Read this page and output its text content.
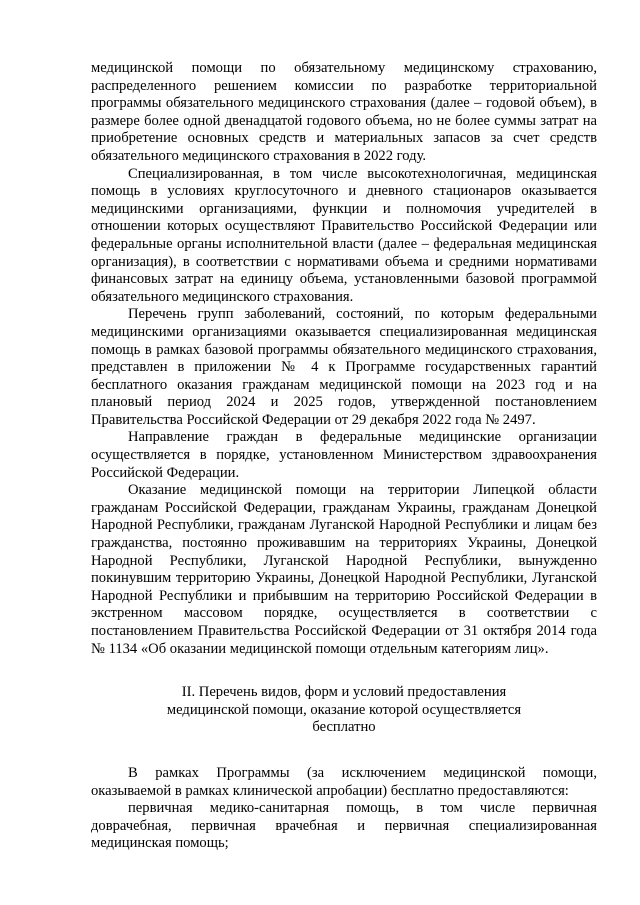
медицинской помощи по обязательному медицинскому страхованию, распределенного решением комиссии по разработке территориальной программы обязательного медицинского страхования (далее – годовой объем), в размере более одной двенадцатой годового объема, но не более суммы затрат на приобретение основных средств и материальных запасов за счет средств обязательного медицинского страхования в 2022 году.

Специализированная, в том числе высокотехнологичная, медицинская помощь в условиях круглосуточного и дневного стационаров оказывается медицинскими организациями, функции и полномочия учредителей в отношении которых осуществляют Правительство Российской Федерации или федеральные органы исполнительной власти (далее – федеральная медицинская организация), в соответствии с нормативами объема и средними нормативами финансовых затрат на единицу объема, установленными базовой программой обязательного медицинского страхования.

Перечень групп заболеваний, состояний, по которым федеральными медицинскими организациями оказывается специализированная медицинская помощь в рамках базовой программы обязательного медицинского страхования, представлен в приложении № 4 к Программе государственных гарантий бесплатного оказания гражданам медицинской помощи на 2023 год и на плановый период 2024 и 2025 годов, утвержденной постановлением Правительства Российской Федерации от 29 декабря 2022 года № 2497.

Направление граждан в федеральные медицинские организации осуществляется в порядке, установленном Министерством здравоохранения Российской Федерации.

Оказание медицинской помощи на территории Липецкой области гражданам Российской Федерации, гражданам Украины, гражданам Донецкой Народной Республики, гражданам Луганской Народной Республики и лицам без гражданства, постоянно проживавшим на территориях Украины, Донецкой Народной Республики, Луганской Народной Республики, вынужденно покинувшим территорию Украины, Донецкой Народной Республики, Луганской Народной Республики и прибывшим на территорию Российской Федерации в экстренном массовом порядке, осуществляется в соответствии с постановлением Правительства Российской Федерации от 31 октября 2014 года № 1134 «Об оказании медицинской помощи отдельным категориям лиц».

II. Перечень видов, форм и условий предоставления
медицинской помощи, оказание которой осуществляется
бесплатно

В рамках Программы (за исключением медицинской помощи, оказываемой в рамках клинической апробации) бесплатно предоставляются:

первичная медико-санитарная помощь, в том числе первичная доврачебная, первичная врачебная и первичная специализированная медицинская помощь;
